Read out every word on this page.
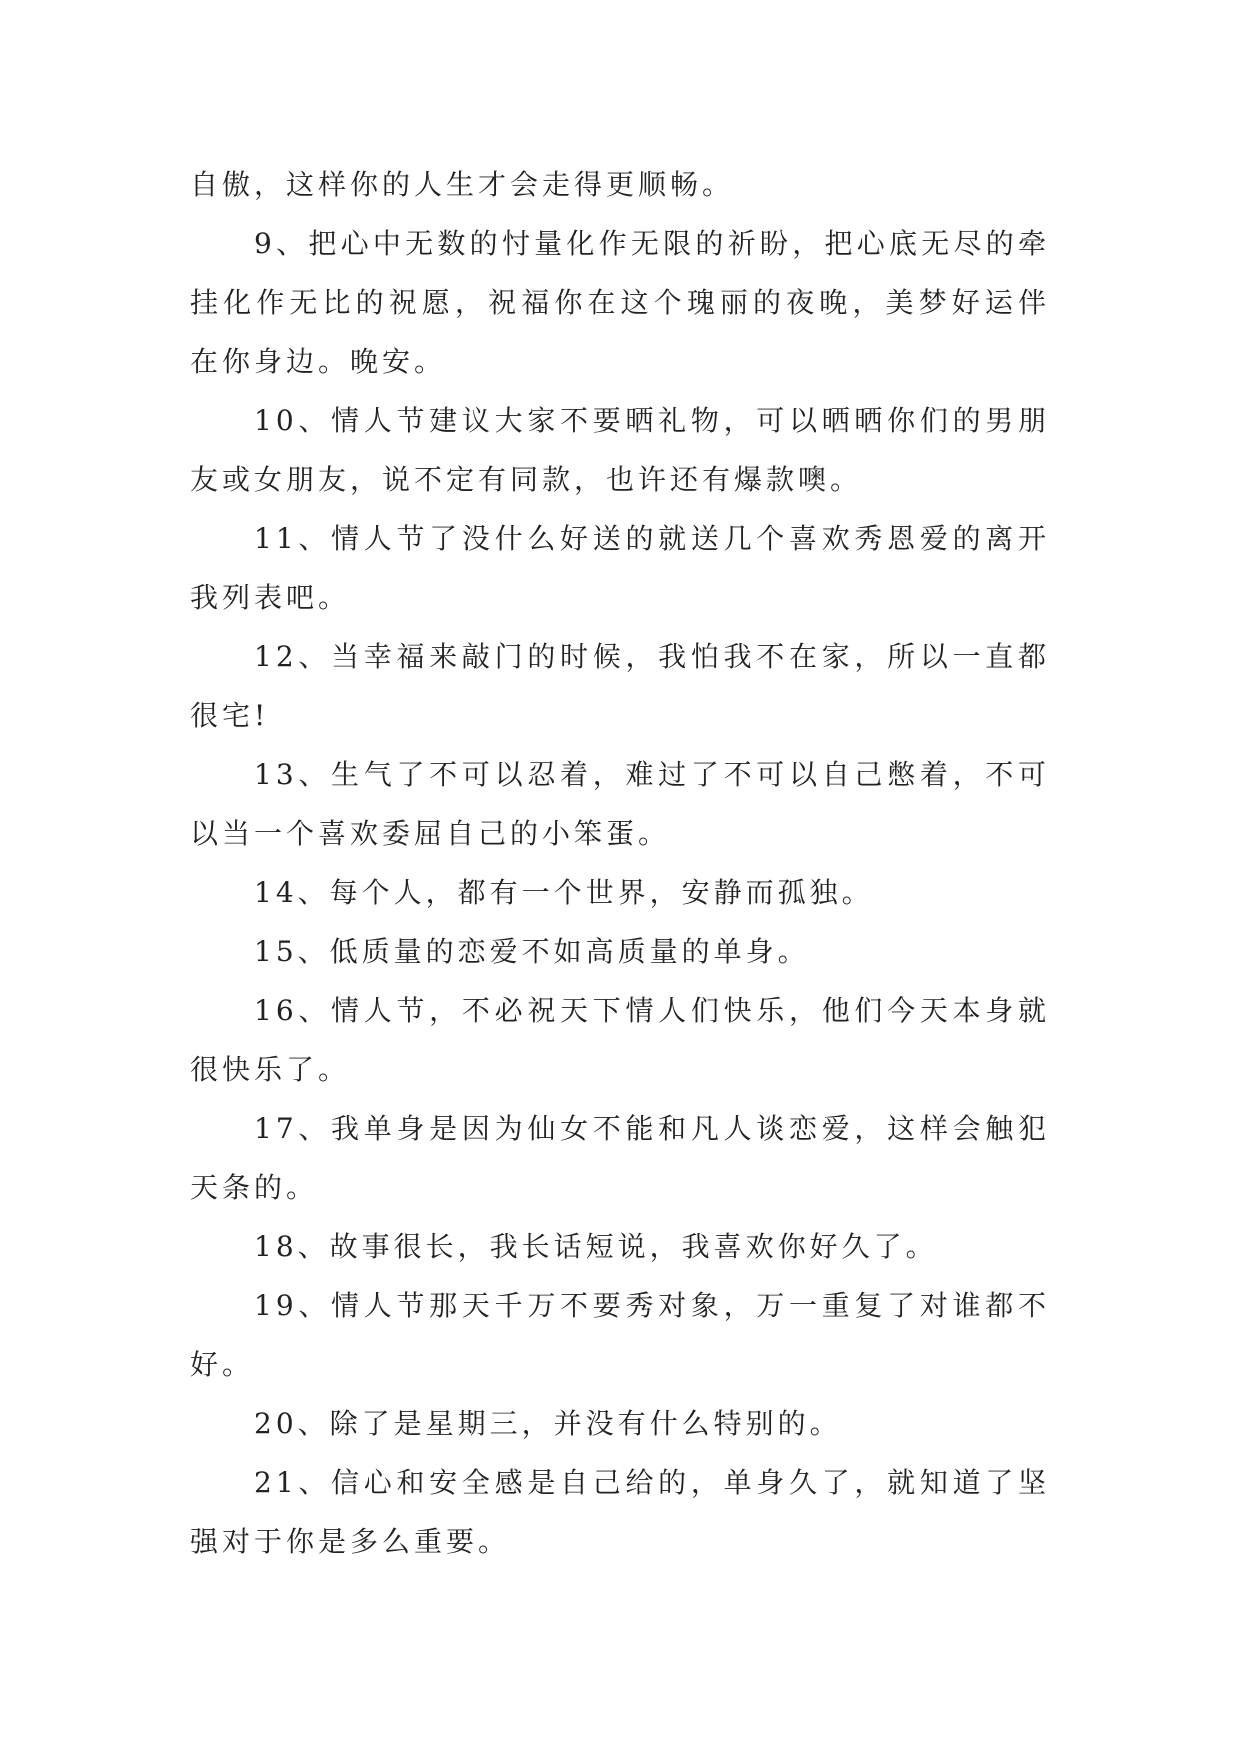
自傲，这样你的人生才会走得更顺畅。

9、把心中无数的忖量化作无限的祈盼，把心底无尽的牵挂化作无比的祝愿，祝福你在这个瑰丽的夜晚，美梦好运伴在你身边。晚安。

10、情人节建议大家不要晒礼物，可以晒晒你们的男朋友或女朋友，说不定有同款，也许还有爆款噢。

11、情人节了没什么好送的就送几个喜欢秀恩爱的离开我列表吧。

12、当幸福来敲门的时候，我怕我不在家，所以一直都很宅!

13、生气了不可以忍着，难过了不可以自己憋着，不可以当一个喜欢委屈自己的小笨蛋。

14、每个人，都有一个世界，安静而孤独。

15、低质量的恋爱不如高质量的单身。

16、情人节，不必祝天下情人们快乐，他们今天本身就很快乐了。

17、我单身是因为仙女不能和凡人谈恋爱，这样会触犯天条的。

18、故事很长，我长话短说，我喜欢你好久了。

19、情人节那天千万不要秀对象，万一重复了对谁都不好。

20、除了是星期三，并没有什么特别的。

21、信心和安全感是自己给的，单身久了，就知道了坚强对于你是多么重要。
